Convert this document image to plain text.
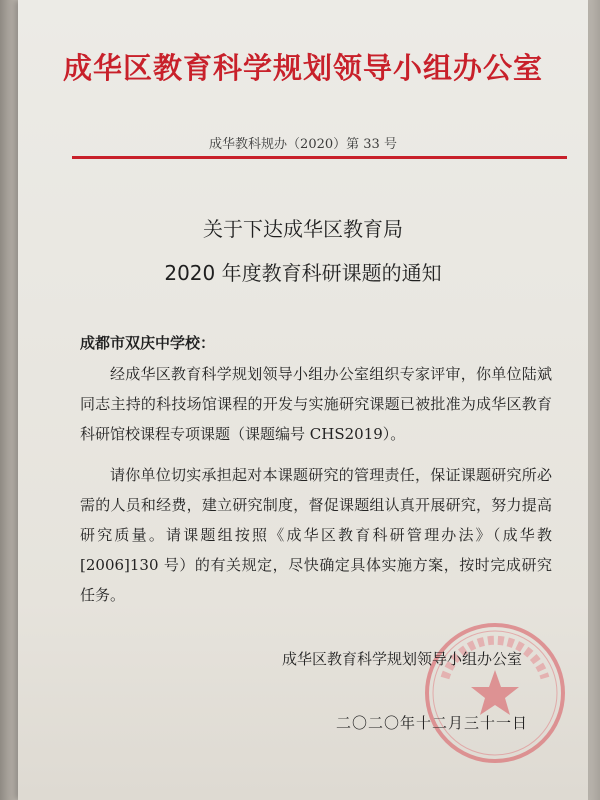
成华区教育科学规划领导小组办公室
成华教科规办（2020）第 33 号
关于下达成华区教育局
2020 年度教育科研课题的通知
成都市双庆中学校：

经成华区教育科学规划领导小组办公室组织专家评审，你单位陆斌同志主持的科技场馆课程的开发与实施研究课题已被批准为成华区教育科研馆校课程专项课题（课题编号 CHS2019）。

请你单位切实承担起对本课题研究的管理责任，保证课题研究所必需的人员和经费，建立研究制度，督促课题组认真开展研究，努力提高研究质量。请课题组按照《成华区教育科研管理办法》（成华教[2006]130 号）的有关规定，尽快确定具体实施方案，按时完成研究任务。

成华区教育科学规划领导小组办公室
二〇二〇年十二月三十一日
